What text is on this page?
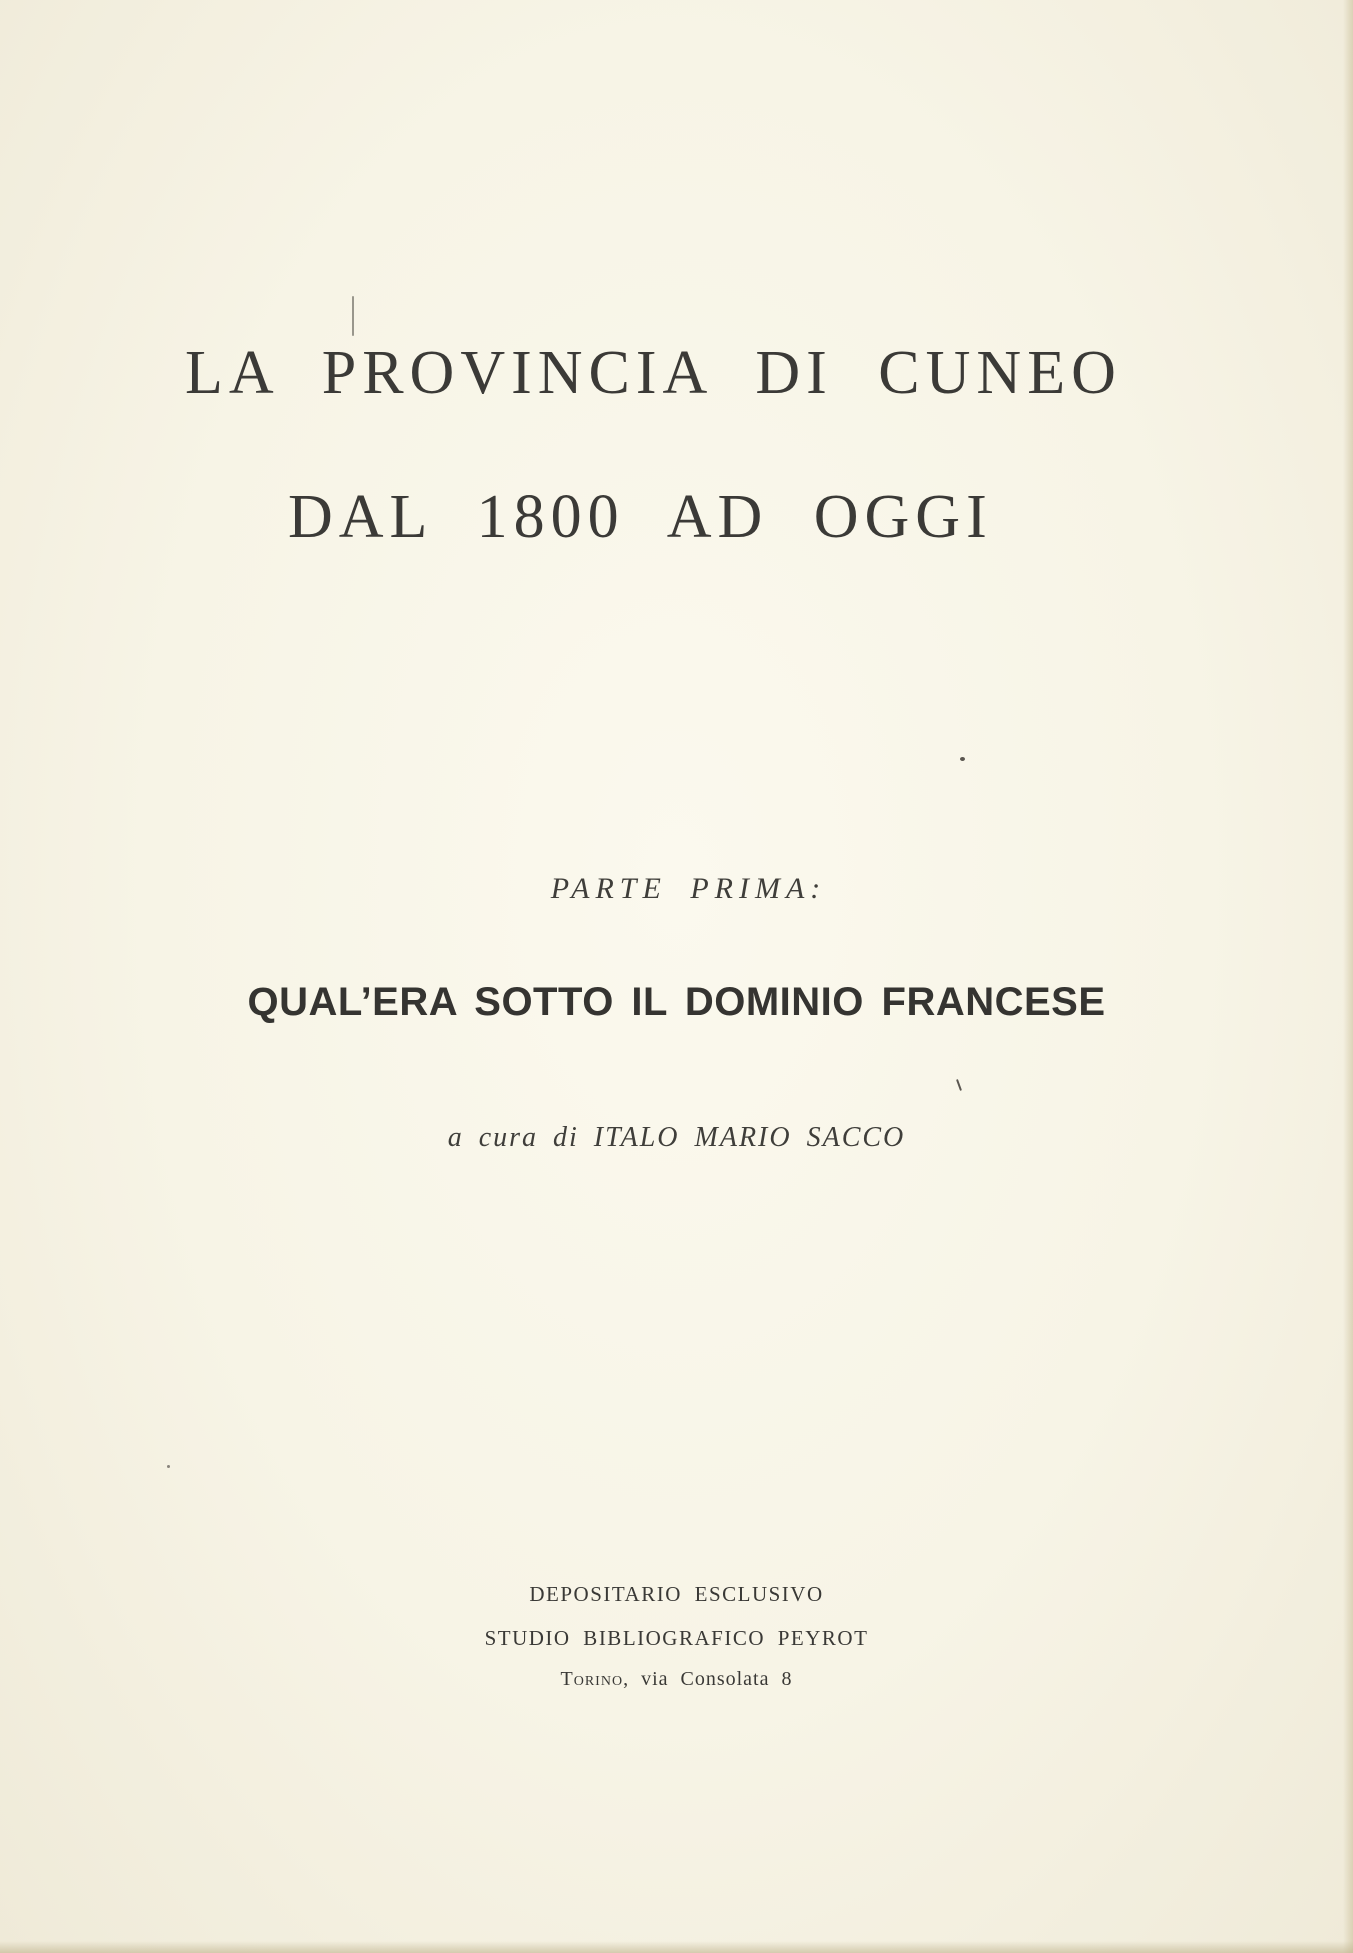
LA PROVINCIA DI CUNEO
DAL 1800 AD OGGI

PARTE PRIMA:

QUAL’ERA SOTTO IL DOMINIO FRANCESE

a cura di ITALO MARIO SACCO

DEPOSITARIO ESCLUSIVO

STUDIO BIBLIOGRAFICO PEYROT

Torino, via Consolata 8
